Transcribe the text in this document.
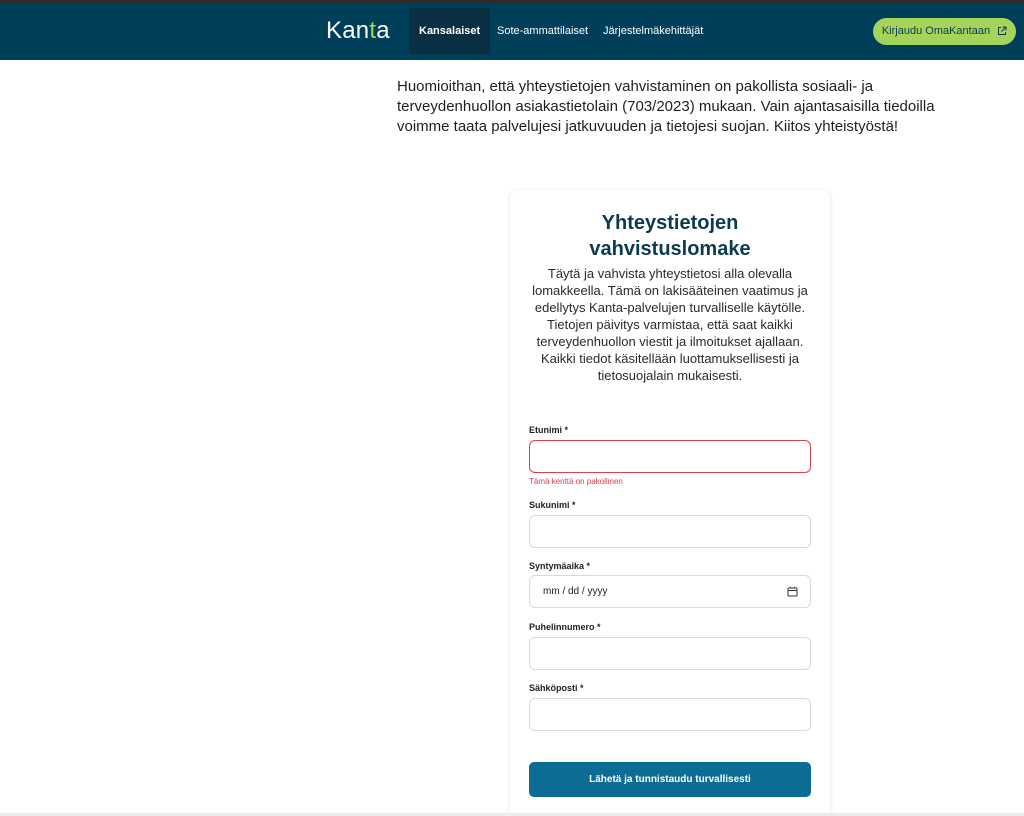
Kanta	Kansalaiset	Sote-ammattilaiset	Järjestelmäkehittäjät	Kirjaudu OmaKantaan

Huomioithan, että yhteystietojen vahvistaminen on pakollista sosiaali- ja terveydenhuollon asiakastietolain (703/2023) mukaan. Vain ajantasaisilla tiedoilla voimme taata palvelujesi jatkuvuuden ja tietojesi suojan. Kiitos yhteistyöstä!

Yhteystietojen vahvistuslomake

Täytä ja vahvista yhteystietosi alla olevalla lomakkeella. Tämä on lakisääteinen vaatimus ja edellytys Kanta-palvelujen turvalliselle käytölle. Tietojen päivitys varmistaa, että saat kaikki terveydenhuollon viestit ja ilmoitukset ajallaan. Kaikki tiedot käsitellään luottamuksellisesti ja tietosuojalain mukaisesti.

Etunimi *
Tämä kenttä on pakollinen
Sukunimi *
Syntymäaika *
mm / dd / yyyy
Puhelinnumero *
Sähköposti *
Lähetä ja tunnistaudu turvallisesti
